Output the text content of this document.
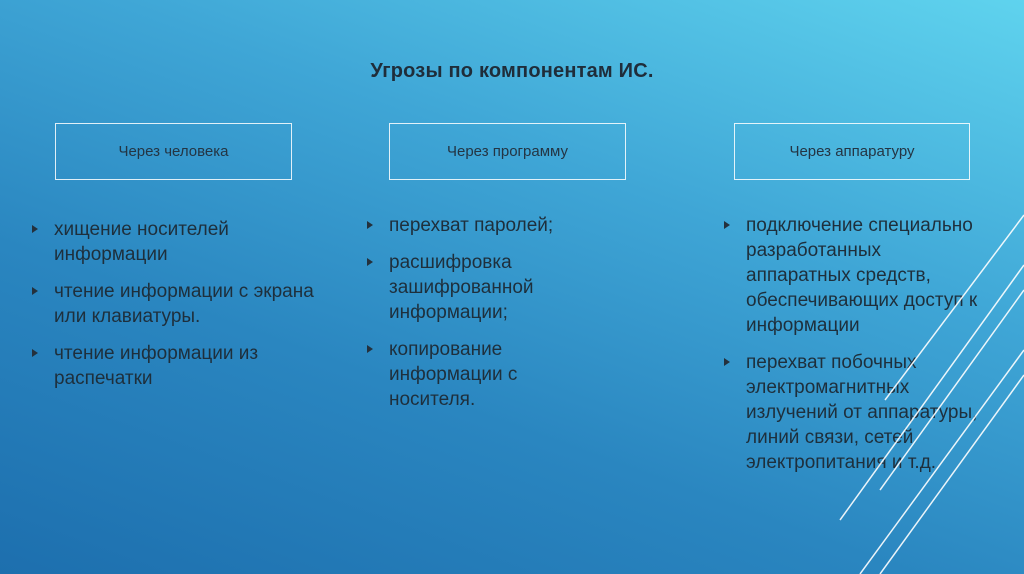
Угрозы по компонентам ИС.
Через человека	Через программу	Через аппаратуру
хищение носителей информации
чтение информации с экрана или клавиатуры.
чтение информации из распечатки
перехват паролей;
расшифровка зашифрованной информации;
копирование информации с носителя.
подключение специально разработанных аппаратных средств, обеспечивающих доступ к информации
перехват побочных электромагнитных излучений от аппаратуры, линий связи, сетей электропитания и т.д.
